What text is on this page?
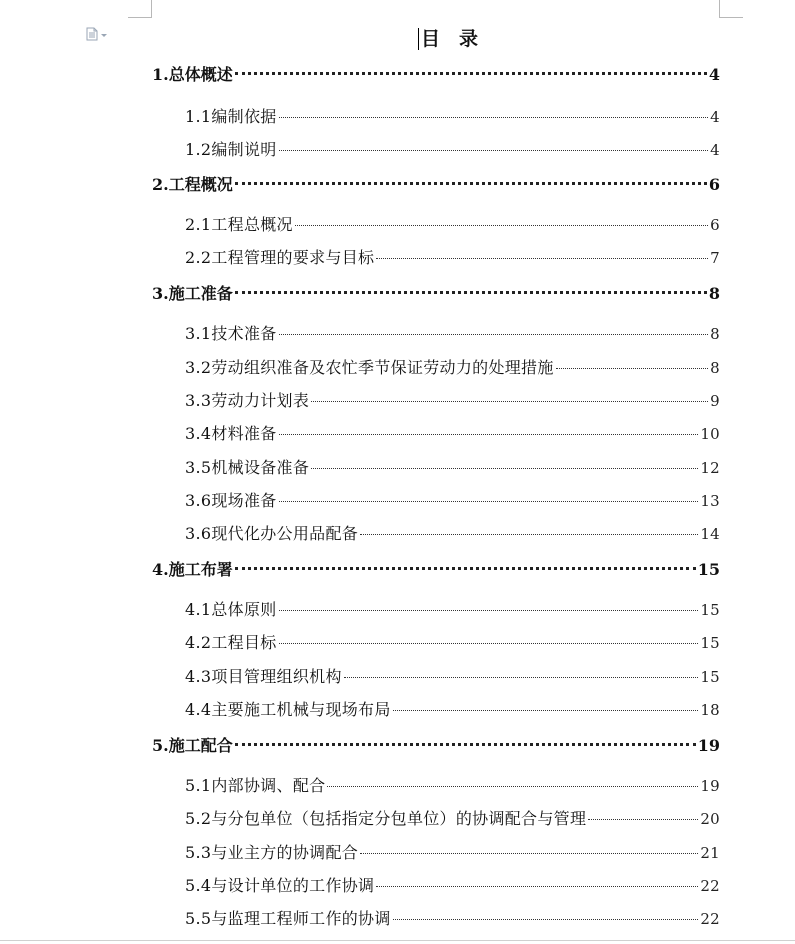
目　录
1.总体概述	4
1.1编制依据	4
1.2编制说明	4
2.工程概况	6
2.1工程总概况	6
2.2工程管理的要求与目标	7
3.施工准备	8
3.1技术准备	8
3.2劳动组织准备及农忙季节保证劳动力的处理措施	8
3.3劳动力计划表	9
3.4材料准备	10
3.5机械设备准备	12
3.6现场准备	13
3.6现代化办公用品配备	14
4.施工布署	15
4.1总体原则	15
4.2工程目标	15
4.3项目管理组织机构	15
4.4主要施工机械与现场布局	18
5.施工配合	19
5.1内部协调、配合	19
5.2与分包单位（包括指定分包单位）的协调配合与管理	20
5.3与业主方的协调配合	21
5.4与设计单位的工作协调	22
5.5与监理工程师工作的协调	22
